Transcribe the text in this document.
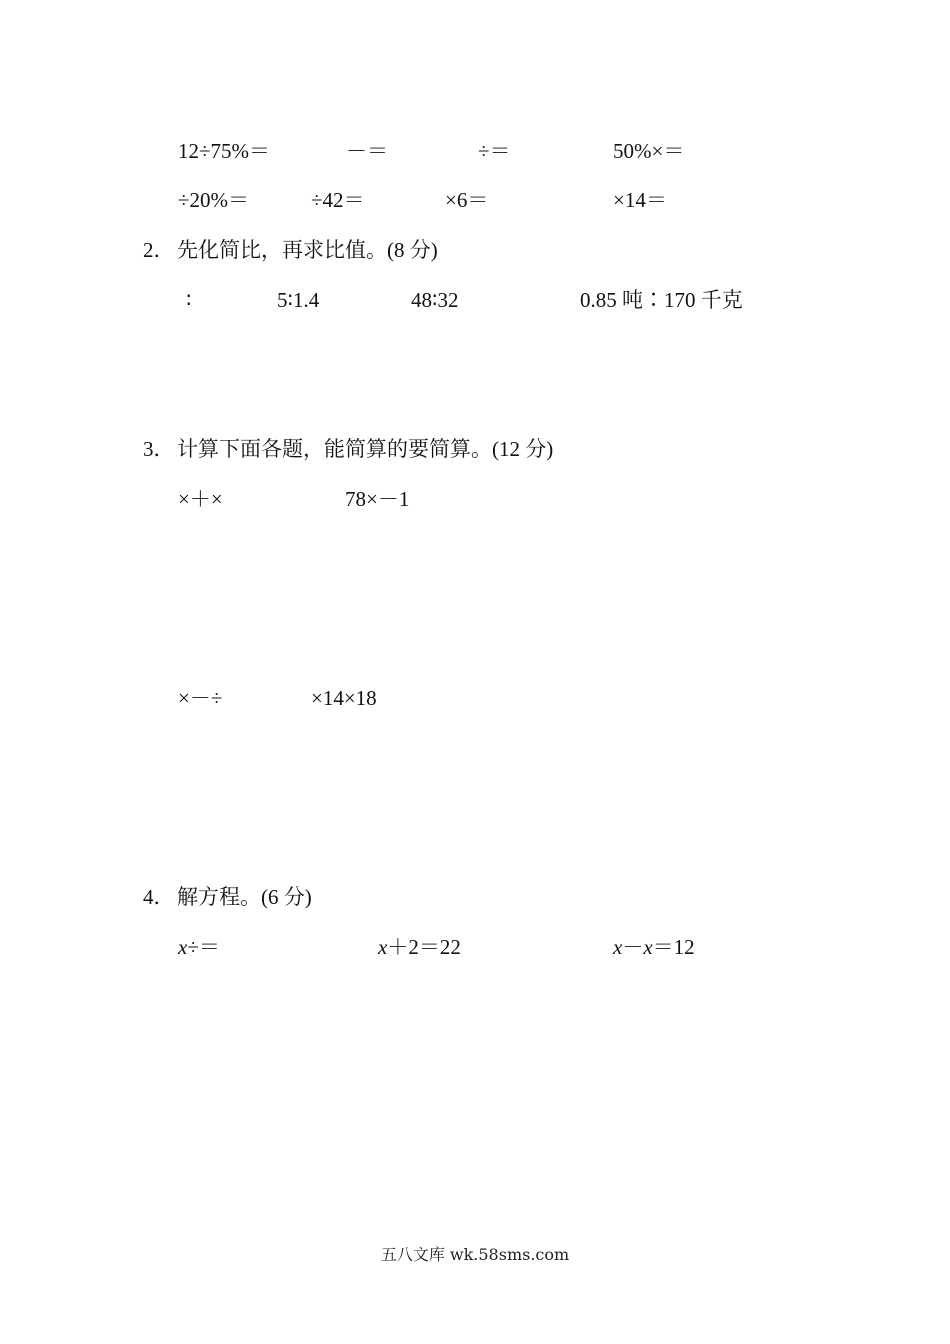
12÷75%＝	－＝	÷＝	50%×＝
÷20%＝	÷42＝	×6＝	×14＝
2． 先化简比，再求比值。(8 分)
∶	5∶1.4	48∶32	0.85 吨∶170 千克
3． 计算下面各题，能简算的要简算。(12 分)
×＋×	78×－1
×－÷	×14×18
4． 解方程。(6 分)
x÷＝	x＋2＝22	x－x＝12
五八文库 wk.58sms.com
